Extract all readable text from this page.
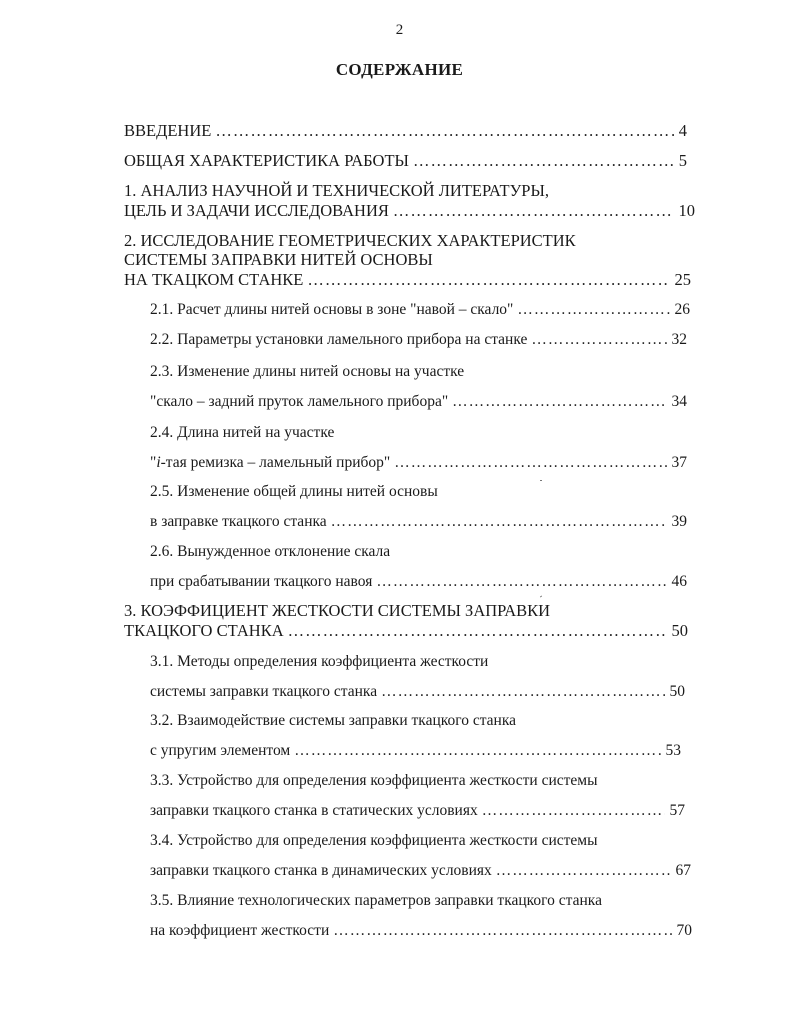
2
СОДЕРЖАНИЕ
ВВЕДЕНИЕ ………………………………………………………………………………………………………………………………………………………………………………	4
ОБЩАЯ ХАРАКТЕРИСТИКА РАБОТЫ ………………………………………………………………………………………………………………………………………………………………………………	5
1. АНАЛИЗ НАУЧНОЙ И ТЕХНИЧЕСКОЙ ЛИТЕРАТУРЫ,
ЦЕЛЬ И ЗАДАЧИ ИССЛЕДОВАНИЯ ………………………………………………………………………………………………………………………………………………………………………………	10
2. ИССЛЕДОВАНИЕ ГЕОМЕТРИЧЕСКИХ ХАРАКТЕРИСТИК
СИСТЕМЫ ЗАПРАВКИ НИТЕЙ ОСНОВЫ
НА ТКАЦКОМ СТАНКЕ ………………………………………………………………………………………………………………………………………………………………………………	25
2.1. Расчет длины нитей основы в зоне "навой – скало" ………………………………………………………………………………………………………………………………………………………………………………	26
2.2. Параметры установки ламельного прибора на станке ………………………………………………………………………………………………………………………………………………………………………………	32
2.3. Изменение длины нитей основы на участке
"скало – задний пруток ламельного прибора" ………………………………………………………………………………………………………………………………………………………………………………	34
2.4. Длина нитей на участке
"i-тая ремизка – ламельный прибор" ………………………………………………………………………………………………………………………………………………………………………………	37
2.5. Изменение общей длины нитей основы
в заправке ткацкого станка ………………………………………………………………………………………………………………………………………………………………………………	39
2.6. Вынужденное отклонение скала
при срабатывании ткацкого навоя ………………………………………………………………………………………………………………………………………………………………………………	46
3. КОЭФФИЦИЕНТ ЖЕСТКОСТИ СИСТЕМЫ ЗАПРАВКИ
ТКАЦКОГО СТАНКА ………………………………………………………………………………………………………………………………………………………………………………	50
3.1. Методы определения коэффициента жесткости
системы заправки ткацкого станка ………………………………………………………………………………………………………………………………………………………………………………	50
3.2. Взаимодействие системы заправки ткацкого станка
с упругим элементом ………………………………………………………………………………………………………………………………………………………………………………	53
3.3. Устройство для определения коэффициента жесткости системы
заправки ткацкого станка в статических условиях ………………………………………………………………………………………………………………………………………………………………………………	57
3.4. Устройство для определения коэффициента жесткости системы
заправки ткацкого станка в динамических условиях ………………………………………………………………………………………………………………………………………………………………………………	67
3.5. Влияние технологических параметров заправки ткацкого станка
на коэффициент жесткости ………………………………………………………………………………………………………………………………………………………………………………	70
